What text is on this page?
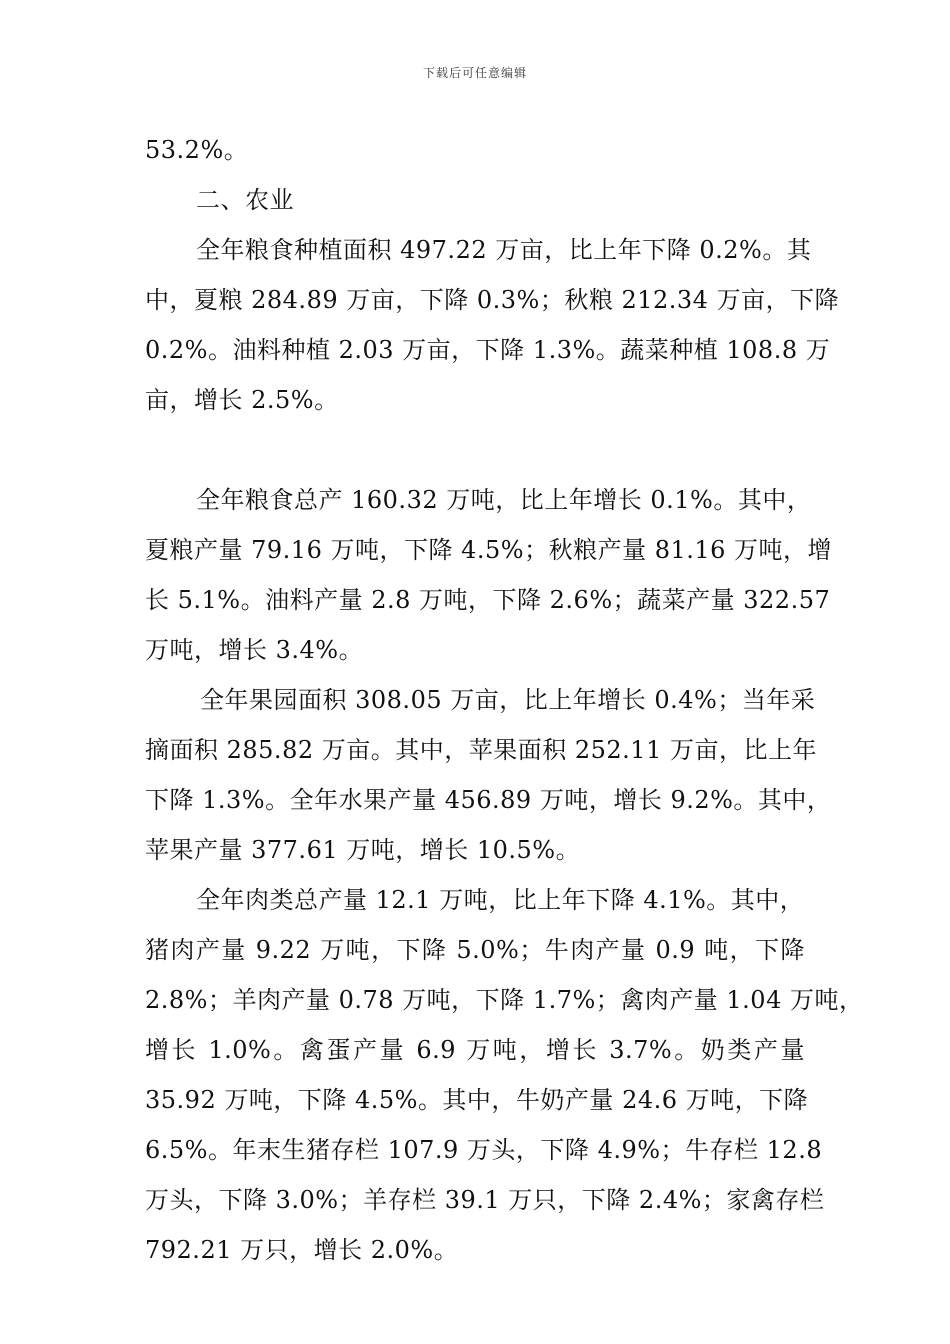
下载后可任意编辑
53.2%。
二、农业
全年粮食种植面积 497.22 万亩，比上年下降 0.2%。其
中，夏粮 284.89 万亩，下降 0.3%；秋粮 212.34 万亩，下降
0.2%。油料种植 2.03 万亩，下降 1.3%。蔬菜种植 108.8 万
亩，增长 2.5%。
全年粮食总产 160.32 万吨，比上年增长 0.1%。其中，
夏粮产量 79.16 万吨，下降 4.5%；秋粮产量 81.16 万吨，增
长 5.1%。油料产量 2.8 万吨，下降 2.6%；蔬菜产量 322.57
万吨，增长 3.4%。
全年果园面积 308.05 万亩，比上年增长 0.4%；当年采
摘面积 285.82 万亩。其中，苹果面积 252.11 万亩，比上年
下降 1.3%。全年水果产量 456.89 万吨，增长 9.2%。其中，
苹果产量 377.61 万吨，增长 10.5%。
全年肉类总产量 12.1 万吨，比上年下降 4.1%。其中，
猪肉产量 9.22 万吨，下降 5.0%；牛肉产量 0.9 吨，下降
2.8%；羊肉产量 0.78 万吨，下降 1.7%；禽肉产量 1.04 万吨，
增长 1.0%。禽蛋产量 6.9 万吨，增长 3.7%。奶类产量
35.92 万吨，下降 4.5%。其中，牛奶产量 24.6 万吨，下降
6.5%。年末生猪存栏 107.9 万头，下降 4.9%；牛存栏 12.8
万头，下降 3.0%；羊存栏 39.1 万只，下降 2.4%；家禽存栏
792.21 万只，增长 2.0%。
